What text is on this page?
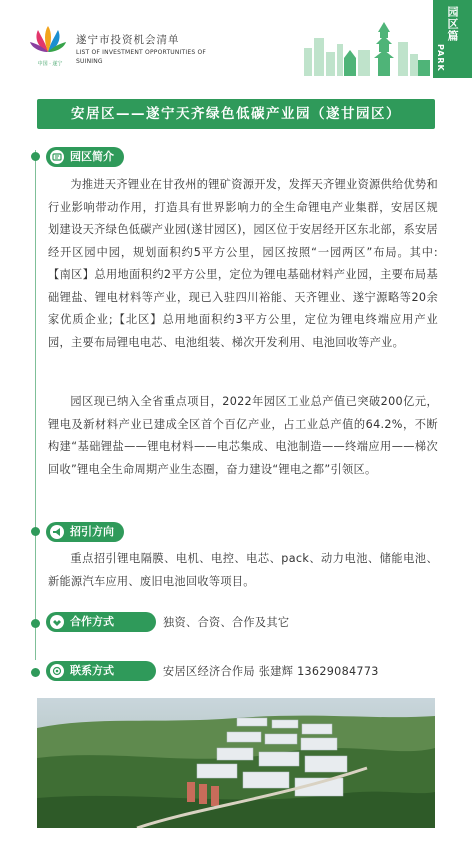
中国 · 遂宁
遂宁市投资机会清单
LIST OF INVESTMENT OPPORTUNITIES OF
SUINING
园区篇
PARK
安居区——遂宁天齐绿色低碳产业园（遂甘园区）
园区简介
为推进天齐锂业在甘孜州的锂矿资源开发，发挥天齐锂业资源供给优势和行业影响带动作用，打造具有世界影响力的全生命锂电产业集群，安居区规划建设天齐绿色低碳产业园(遂甘园区)，园区位于安居经开区东北部，系安居经开区园中园，规划面积约5平方公里，园区按照“一园两区”布局。其中:【南区】总用地面积约2平方公里，定位为锂电基础材料产业园，主要布局基础锂盐、锂电材料等产业，现已入驻四川裕能、天齐锂业、遂宁源略等20余家优质企业;【北区】总用地面积约3平方公里，定位为锂电终端应用产业园，主要布局锂电电芯、电池组装、梯次开发利用、电池回收等产业。
园区现已纳入全省重点项目，2022年园区工业总产值已突破200亿元，锂电及新材料产业已建成全区首个百亿产业，占工业总产值的64.2%，不断构建“基础锂盐——锂电材料——电芯集成、电池制造——终端应用——梯次回收”锂电全生命周期产业生态圈，奋力建设“锂电之都”引领区。
招引方向
重点招引锂电隔膜、电机、电控、电芯、pack、动力电池、储能电池、新能源汽车应用、废旧电池回收等项目。
合作方式	独资、合资、合作及其它
联系方式	安居区经济合作局 张建辉 13629084773
